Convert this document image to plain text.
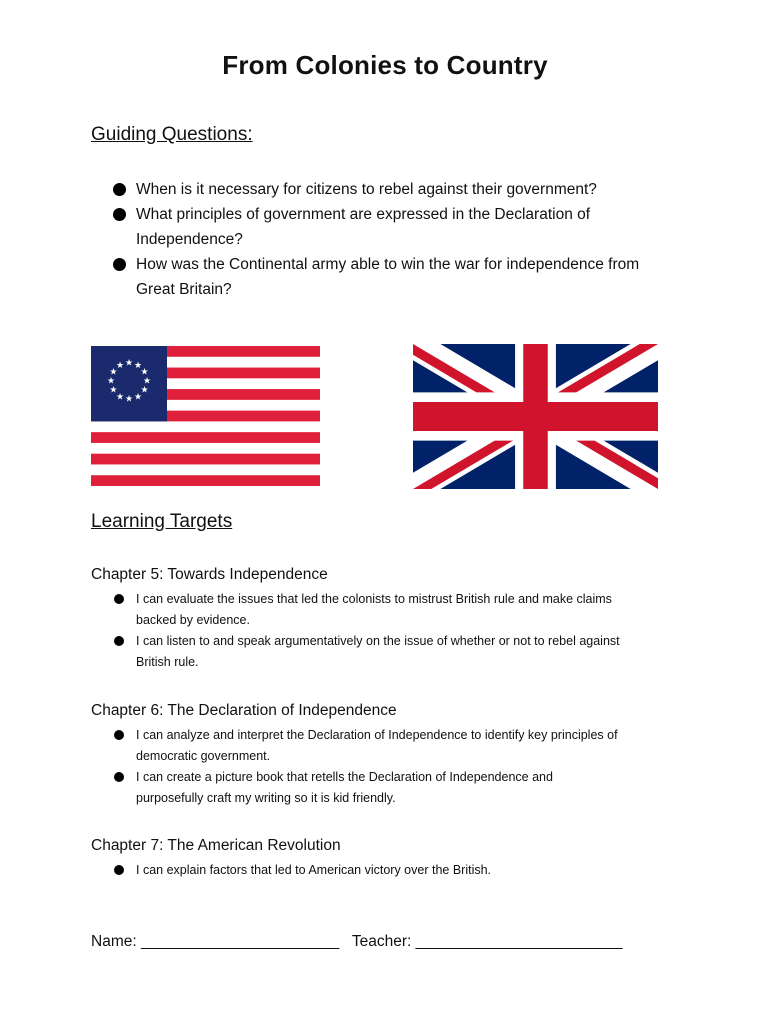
From Colonies to Country
Guiding Questions:
When is it necessary for citizens to rebel against their government?
What principles of government are expressed in the Declaration of
Independence?
How was the Continental army able to win the war for independence from
Great Britain?
★ ★
★
★
★
★
★
★
★
★
★
★
★
Learning Targets
Chapter 5: Towards Independence
I can evaluate the issues that led the colonists to mistrust British rule and make claims
backed by evidence.
I can listen to and speak argumentatively on the issue of whether or not to rebel against
British rule.
Chapter 6: The Declaration of Independence
I can analyze and interpret the Declaration of Independence to identify key principles of
democratic government.
I can create a picture book that retells the Declaration of Independence and
purposefully craft my writing so it is kid friendly.
Chapter 7: The American Revolution
I can explain factors that led to American victory over the British.
Name: _______________________ Teacher: ________________________
